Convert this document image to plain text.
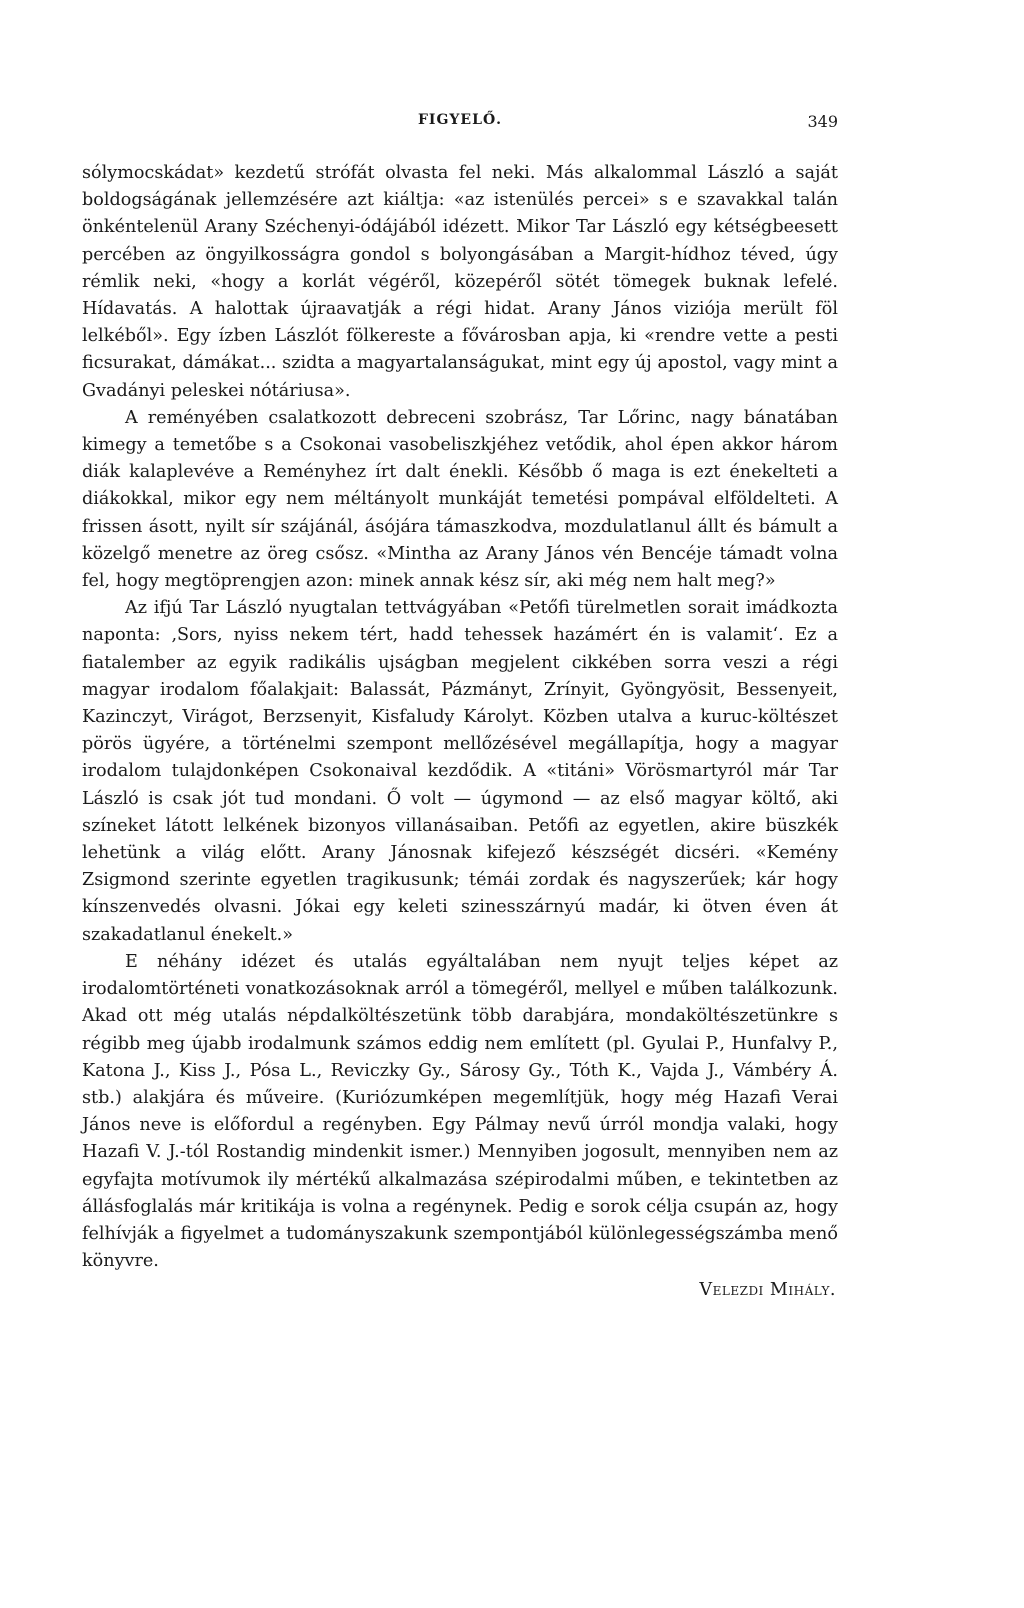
FIGYELŐ.	349

sólymocskádat» kezdetű strófát olvasta fel neki. Más alkalommal László a saját boldogságának jellemzésére azt kiáltja: «az istenülés percei» s e szavakkal talán önkéntelenül Arany Széchenyi-ódájából idézett. Mikor Tar László egy kétségbeesett percében az öngyilkosságra gondol s bolyongásában a Margit-hídhoz téved, úgy rémlik neki, «hogy a korlát végéről, közepéről sötét tömegek buknak lefelé. Hídavatás. A halottak újraavatják a régi hidat. Arany János viziója merült föl lelkéből». Egy ízben Lászlót fölkereste a fővárosban apja, ki «rendre vette a pesti ficsurakat, dámákat... szidta a magyartalanságukat, mint egy új apostol, vagy mint a Gvadányi peleskei nótáriusa».

A reményében csalatkozott debreceni szobrász, Tar Lőrinc, nagy bánatában kimegy a temetőbe s a Csokonai vasobeliszkjéhez vetődik, ahol épen akkor három diák kalaplevéve a Reményhez írt dalt énekli. Később ő maga is ezt énekelteti a diákokkal, mikor egy nem méltányolt munkáját temetési pompával elföldelteti. A frissen ásott, nyilt sír szájánál, ásójára támaszkodva, mozdulatlanul állt és bámult a közelgő menetre az öreg csősz. «Mintha az Arany János vén Bencéje támadt volna fel, hogy megtöprengjen azon: minek annak kész sír, aki még nem halt meg?»

Az ifjú Tar László nyugtalan tettvágyában «Petőfi türelmetlen sorait imádkozta naponta: ‚Sors, nyiss nekem tért, hadd tehessek hazámért én is valamit‘. Ez a fiatalember az egyik radikális ujságban megjelent cikkében sorra veszi a régi magyar irodalom főalakjait: Balassát, Pázmányt, Zrínyit, Gyöngyösit, Bessenyeit, Kazinczyt, Virágot, Berzsenyit, Kisfaludy Károlyt. Közben utalva a kuruc-költészet pörös ügyére, a történelmi szempont mellőzésével megállapítja, hogy a magyar irodalom tulajdonképen Csokonaival kezdődik. A «titáni» Vörösmartyról már Tar László is csak jót tud mondani. Ő volt — úgymond — az első magyar költő, aki színeket látott lelkének bizonyos villanásaiban. Petőfi az egyetlen, akire büszkék lehetünk a világ előtt. Arany Jánosnak kifejező készségét dicséri. «Kemény Zsigmond szerinte egyetlen tragikusunk; témái zordak és nagyszerűek; kár hogy kínszenvedés olvasni. Jókai egy keleti szinesszárnyú madár, ki ötven éven át szakadatlanul énekelt.»

E néhány idézet és utalás egyáltalában nem nyujt teljes képet az irodalomtörténeti vonatkozásoknak arról a tömegéről, mellyel e műben találkozunk. Akad ott még utalás népdalköltészetünk több darabjára, mondaköltészetünkre s régibb meg újabb irodalmunk számos eddig nem említett (pl. Gyulai P., Hunfalvy P., Katona J., Kiss J., Pósa L., Reviczky Gy., Sárosy Gy., Tóth K., Vajda J., Vámbéry Á. stb.) alakjára és műveire. (Kuriózumképen megemlítjük, hogy még Hazafi Verai János neve is előfordul a regényben. Egy Pálmay nevű úrról mondja valaki, hogy Hazafi V. J.-tól Rostandig mindenkit ismer.) Mennyiben jogosult, mennyiben nem az egyfajta motívumok ily mértékű alkalmazása szépirodalmi műben, e tekintetben az állásfoglalás már kritikája is volna a regénynek. Pedig e sorok célja csupán az, hogy felhívják a figyelmet a tudományszakunk szempontjából különlegességszámba menő könyvre.

Velezdi Mihály.
